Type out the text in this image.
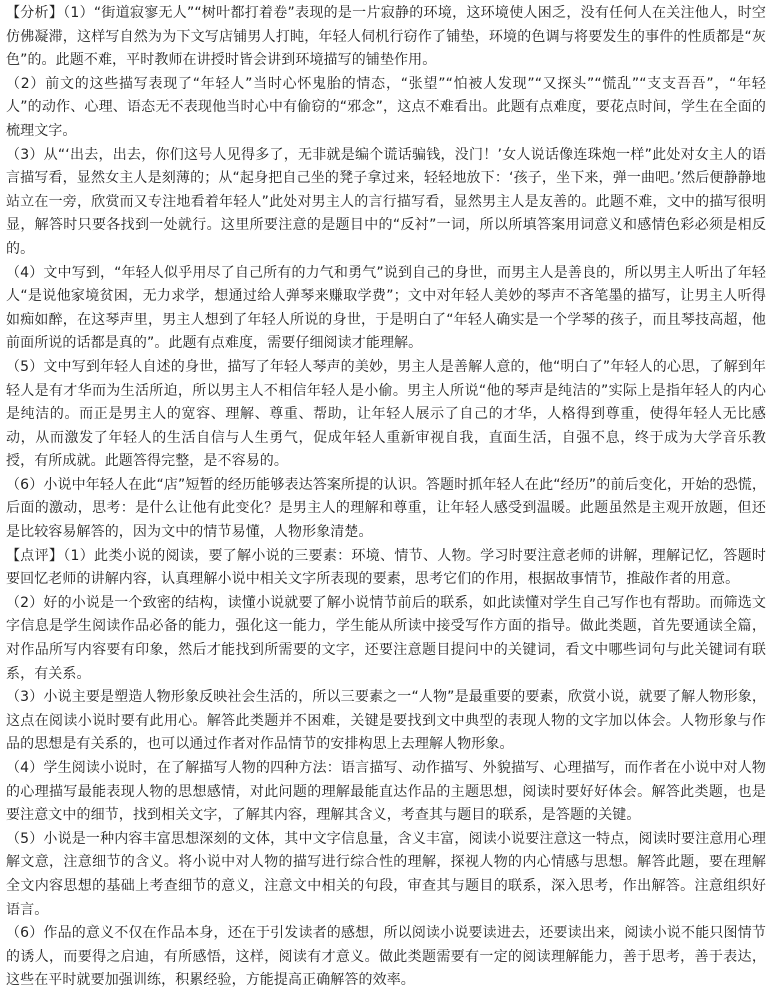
【分析】（1）“街道寂寥无人”“树叶都打着卷”表现的是一片寂静的环境，这环境使人困乏，没有任何人在关注他人，时空仿佛凝滞，这样写自然为为下文写店铺男人打盹，年轻人伺机行窃作了铺垫，环境的色调与将要发生的事件的性质都是“灰色”的。此题不难，平时教师在讲授时皆会讲到环境描写的铺垫作用。

（2）前文的这些描写表现了“年轻人”当时心怀鬼胎的情态，“张望”“怕被人发现”“又探头”“慌乱”“支支吾吾”，“年轻人”的动作、心理、语态无不表现他当时心中有偷窃的“邪念”，这点不难看出。此题有点难度，要花点时间，学生在全面的梳理文字。

（3）从“‘出去，出去，你们这号人见得多了，无非就是编个谎话骗钱，没门！’女人说话像连珠炮一样”此处对女主人的语言描写看，显然女主人是刻薄的；从“起身把自己坐的凳子拿过来，轻轻地放下：‘孩子，坐下来，弹一曲吧。’然后便静静地站立在一旁，欣赏而又专注地看着年轻人”此处对男主人的言行描写看，显然男主人是友善的。此题不难，文中的描写很明显，解答时只要各找到一处就行。这里所要注意的是题目中的“反衬”一词，所以所填答案用词意义和感情色彩必须是相反的。

（4）文中写到，“年轻人似乎用尽了自己所有的力气和勇气”说到自己的身世，而男主人是善良的，所以男主人听出了年轻人“是说他家境贫困，无力求学，想通过给人弹琴来赚取学费”；文中对年轻人美妙的琴声不吝笔墨的描写，让男主人听得如痴如醉，在这琴声里，男主人想到了年轻人所说的身世，于是明白了“年轻人确实是一个学琴的孩子，而且琴技高超，他前面所说的话都是真的”。此题有点难度，需要仔细阅读才能理解。

（5）文中写到年轻人自述的身世，描写了年轻人琴声的美妙，男主人是善解人意的，他“明白了”年轻人的心思，了解到年轻人是有才华而为生活所迫，所以男主人不相信年轻人是小偷。男主人所说“他的琴声是纯洁的”实际上是指年轻人的内心是纯洁的。而正是男主人的宽容、理解、尊重、帮助，让年轻人展示了自己的才华，人格得到尊重，使得年轻人无比感动，从而激发了年轻人的生活自信与人生勇气，促成年轻人重新审视自我，直面生活，自强不息，终于成为大学音乐教授，有所成就。此题答得完整，是不容易的。

（6）小说中年轻人在此“店”短暂的经历能够表达答案所提的认识。答题时抓年轻人在此“经历”的前后变化，开始的恐慌，后面的激动，思考：是什么让他有此变化？是男主人的理解和尊重，让年轻人感受到温暖。此题虽然是主观开放题，但还是比较容易解答的，因为文中的情节易懂，人物形象清楚。

【点评】（1）此类小说的阅读，要了解小说的三要素：环境、情节、人物。学习时要注意老师的讲解，理解记忆，答题时要回忆老师的讲解内容，认真理解小说中相关文字所表现的要素，思考它们的作用，根据故事情节，推敲作者的用意。

（2）好的小说是一个致密的结构，读懂小说就要了解小说情节前后的联系，如此读懂对学生自己写作也有帮助。而筛选文字信息是学生阅读作品必备的能力，强化这一能力，学生能从所读中接受写作方面的指导。做此类题，首先要通读全篇，对作品所写内容要有印象，然后才能找到所需要的文字，还要注意题目提问中的关键词，看文中哪些词句与此关键词有联系，有关系。

（3）小说主要是塑造人物形象反映社会生活的，所以三要素之一“人物”是最重要的要素，欣赏小说，就要了解人物形象，这点在阅读小说时要有此用心。解答此类题并不困难，关键是要找到文中典型的表现人物的文字加以体会。人物形象与作品的思想是有关系的，也可以通过作者对作品情节的安排构思上去理解人物形象。

（4）学生阅读小说时，在了解描写人物的四种方法：语言描写、动作描写、外貌描写、心理描写，而作者在小说中对人物的心理描写最能表现人物的思想感情，对此问题的理解最能直达作品的主题思想，阅读时要好好体会。解答此类题，也是要注意文中的细节，找到相关文字，了解其内容，理解其含义，考查其与题目的联系，是答题的关键。

（5）小说是一种内容丰富思想深刻的文体，其中文字信息量，含义丰富，阅读小说要注意这一特点，阅读时要注意用心理解文意，注意细节的含义。将小说中对人物的描写进行综合性的理解，探视人物的内心情感与思想。解答此题，要在理解全文内容思想的基础上考查细节的意义，注意文中相关的句段，审查其与题目的联系，深入思考，作出解答。注意组织好语言。

（6）作品的意义不仅在作品本身，还在于引发读者的感想，所以阅读小说要读进去，还要读出来，阅读小说不能只图情节的诱人，而要得之启迪，有所感悟，这样，阅读有才意义。做此类题需要有一定的阅读理解能力，善于思考，善于表达，这些在平时就要加强训练，积累经验，方能提高正确解答的效率。
